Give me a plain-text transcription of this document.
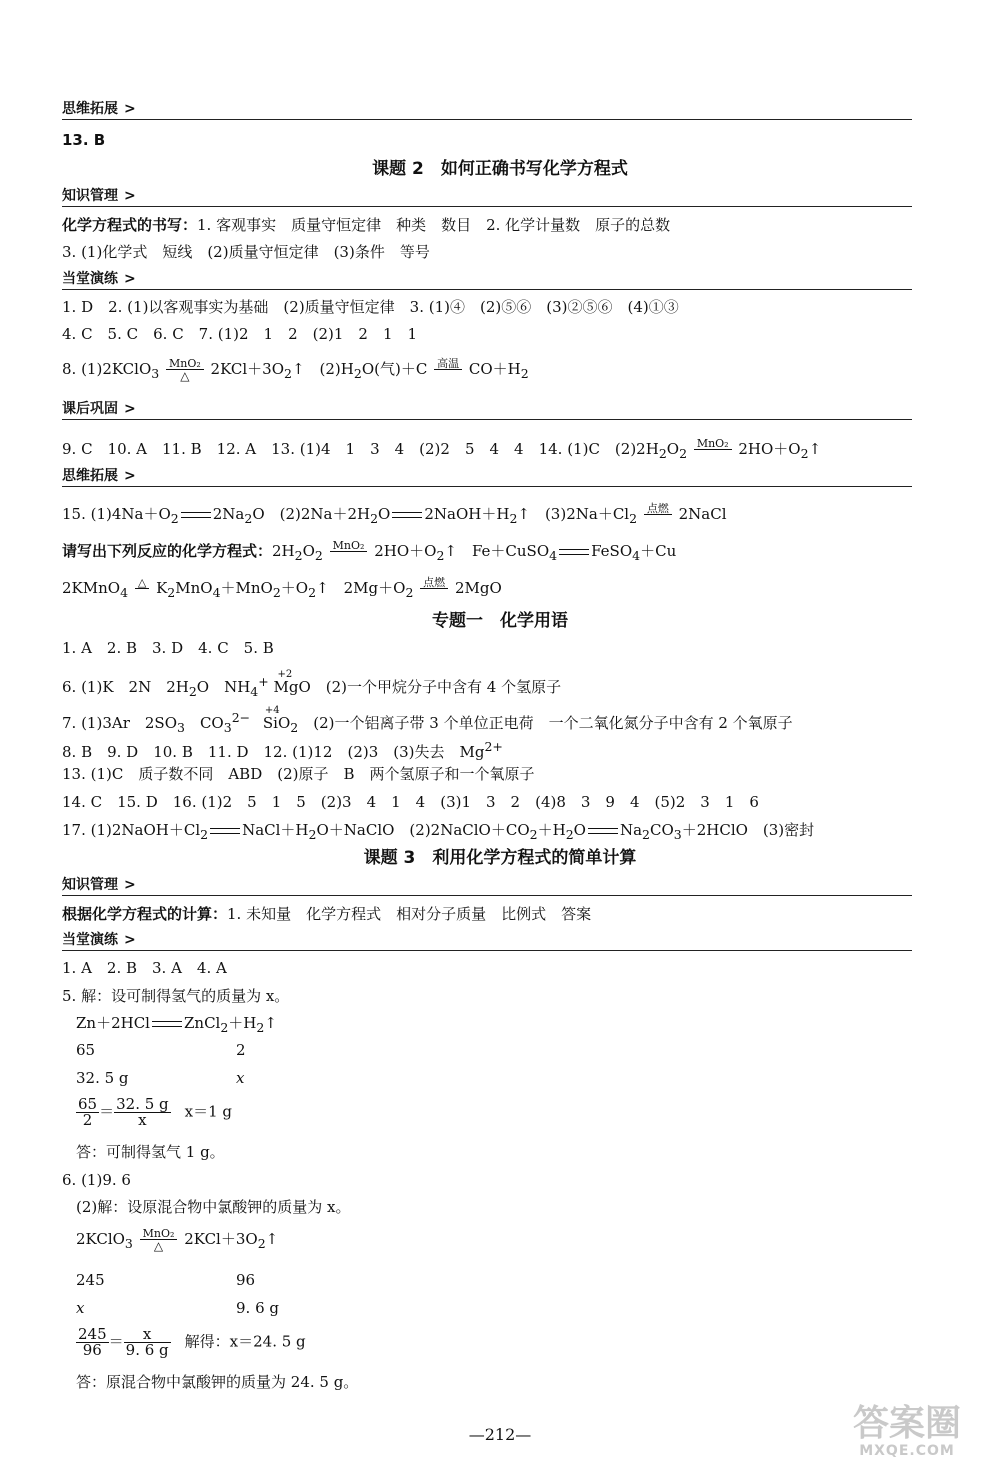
思维拓展 >
13. B
课题 2　如何正确书写化学方程式
知识管理 >
化学方程式的书写：1. 客观事实　质量守恒定律　种类　数目　2. 化学计量数　原子的总数
3. (1)化学式　短线　(2)质量守恒定律　(3)条件　等号
当堂演练 >
1. D　2. (1)以客观事实为基础　(2)质量守恒定律　3. (1)④　(2)⑤⑥　(3)②⑤⑥　(4)①③
4. C　5. C　6. C　7. (1)2　1　2　(2)1　2　1　1
8. (1)2KClO$_3$
MnO₂
△	$2KCl+3O_2↑$　$(2)H_2O$(气)＋C 高温
$CO+H_2$
课后巩固 >
9. C　10. A　11. B　12. A　13. (1)4　1　3　4　(2)2　5　4　4　14. (1)C　$(2)2H_2O_2$
MnO₂
$2HO+O_2↑$
思维拓展 >
15. $(1)4Na+O_2$ $2Na_2O$　$(2)2Na+2H_2O$ $2NaOH+H_2↑$　$(3)2Na+Cl_2$
点燃
2NaCl
请写出下列反应的化学方程式：$2H_2O_2$
MnO₂
$2HO+O_2↑$　Fe＋CuSO$_4$ FeSO$_4$＋Cu
2KMnO$_4$
△
$K_2MnO_4+MnO_2+O_2↑$　$2Mg+O_2$
点燃
2MgO
专题一　化学用语
1. A　2. B　3. D　4. C　5. B
6. (1)K　2N　$2H_2O$　$NH_4^+ +2$
MgO　(2)一个甲烷分子中含有 4 个氢原子
7. (1)3Ar　$2SO_3$　$CO_3^{2-} +4$
SiO$_2$　(2)一个铝离子带 3 个单位正电荷　一个二氧化氮分子中含有 2 个氧原子
8. B　9. D　10. B　11. D　12. (1)12　(2)3　(3)失去　$Mg^{2+}$
13. (1)C　质子数不同　ABD　(2)原子　B　两个氢原子和一个氧原子
14. C　15. D　16. (1)2　5　1　5　(2)3　4　1　4　(3)1　3　2　(4)8　3　9　4　(5)2　3　1　6
17. $(1)2NaOH+Cl_2$ $NaCl+H_2O+NaClO$　$(2)2NaClO+CO_2+H_2O$ $Na_2CO_3+2HClO$　(3)密封
课题 3　利用化学方程式的简单计算
知识管理 >
根据化学方程式的计算：1. 未知量　化学方程式　相对分子质量　比例式　答案
当堂演练 >
1. A　2. B　3. A　4. A
5. 解：设可制得氢气的质量为 x。
Zn＋2HCl $ZnCl_2+H_2↑$
65	2
32. 5 g	x
$\frac{65}{2} = \frac{32. 5 g}{x} x=1$ g
答：可制得氢气 1 g。
6. (1)9. 6
(2)解：设原混合物中氯酸钾的质量为 x。
2KClO$_3$
MnO₂
△	$2KCl+3O_2↑$
245	96
x	9. 6 g
$\frac{245}{96} = \frac{x}{9. 6 g}$ 解得：x＝24. 5 g
答：原混合物中氯酸钾的质量为 24. 5 g。
—212—	答案圈
MXQE.COM
